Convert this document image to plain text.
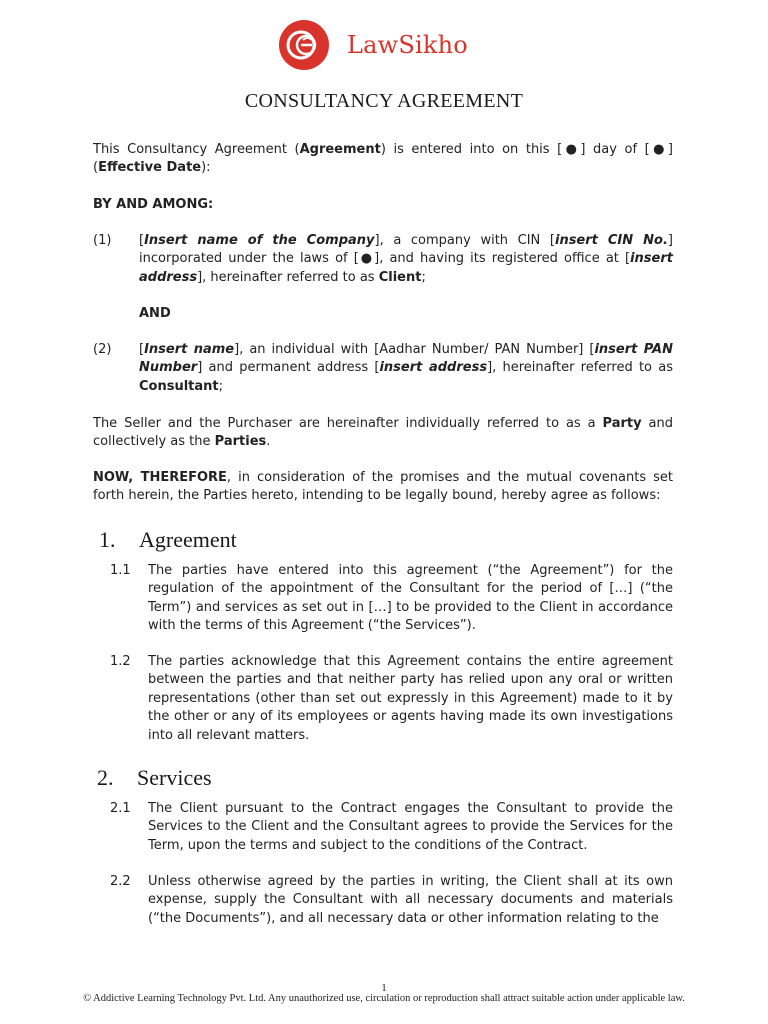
LawSikho
CONSULTANCY AGREEMENT

This Consultancy Agreement (Agreement) is entered into on this [●] day of [●] (Effective Date):

BY AND AMONG:

(1) [Insert name of the Company], a company with CIN [insert CIN No.] incorporated under the laws of [●], and having its registered office at [insert address], hereinafter referred to as Client;

AND

(2) [Insert name], an individual with [Aadhar Number/ PAN Number] [insert PAN Number] and permanent address [insert address], hereinafter referred to as Consultant;

The Seller and the Purchaser are hereinafter individually referred to as a Party and collectively as the Parties.

NOW, THEREFORE, in consideration of the promises and the mutual covenants set forth herein, the Parties hereto, intending to be legally bound, hereby agree as follows:

1. Agreement
1.1 The parties have entered into this agreement (“the Agreement”) for the regulation of the appointment of the Consultant for the period of […] (“the Term”) and services as set out in […] to be provided to the Client in accordance with the terms of this Agreement (“the Services”).

1.2 The parties acknowledge that this Agreement contains the entire agreement between the parties and that neither party has relied upon any oral or written representations (other than set out expressly in this Agreement) made to it by the other or any of its employees or agents having made its own investigations into all relevant matters.

2. Services
2.1 The Client pursuant to the Contract engages the Consultant to provide the Services to the Client and the Consultant agrees to provide the Services for the Term, upon the terms and subject to the conditions of the Contract.

2.2 Unless otherwise agreed by the parties in writing, the Client shall at its own expense, supply the Consultant with all necessary documents and materials (“the Documents”), and all necessary data or other information relating to the

1
© Addictive Learning Technology Pvt. Ltd. Any unauthorized use, circulation or reproduction shall attract suitable action under applicable law.
